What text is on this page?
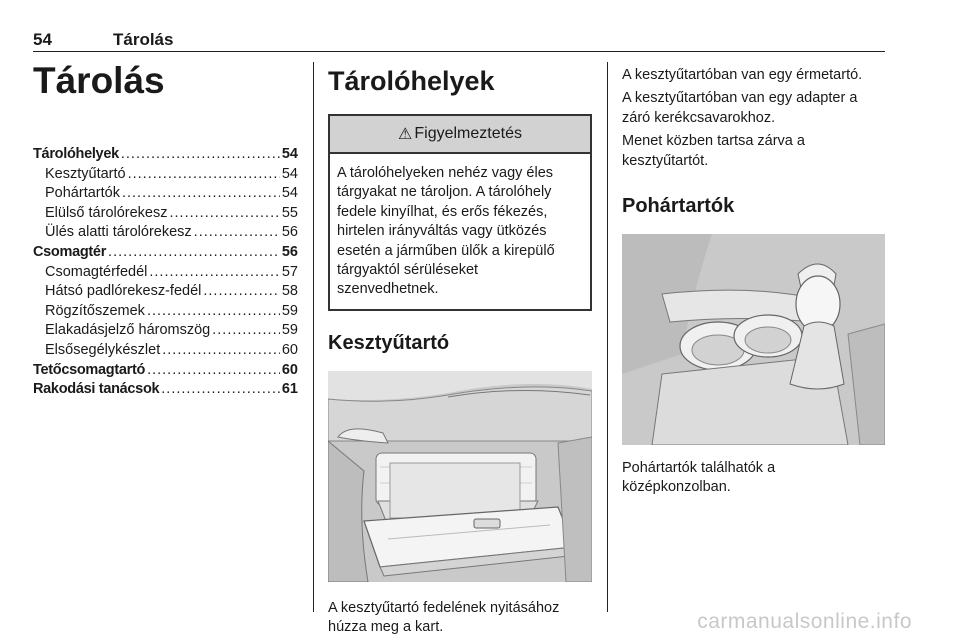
54	Tárolás
Tárolás
Tárolóhelyek .....	54
Kesztyűtartó .....	54
Pohártartók .....	54
Elülső tárolórekesz .....	55
Ülés alatti tárolórekesz .....	56
Csomagtér .....	56
Csomagtérfedél .....	57
Hátsó padlórekesz-fedél .....	58
Rögzítőszemek .....	59
Elakadásjelző háromszög .....	59
Elsősegélykészlet .....	60
Tetőcsomagtartó .....	60
Rakodási tanácsok .....	61
Tárolóhelyek
⚠ Figyelmeztetés
A tárolóhelyeken nehéz vagy éles tárgyakat ne tároljon. A tárolóhely fedele kinyílhat, és erős fékezés, hirtelen irányváltás vagy ütközés esetén a járműben ülők a kirepülő tárgyaktól sérüléseket szenvedhetnek.
Kesztyűtartó

A kesztyűtartó fedelének nyitásához húzza meg a kart.

A kesztyűtartóban van egy érmetartó.

A kesztyűtartóban van egy adapter a záró kerékcsavarokhoz.

Menet közben tartsa zárva a kesztyűtartót.

Pohártartók

Pohártartók találhatók a középkonzolban.

carmanualsonline.info
